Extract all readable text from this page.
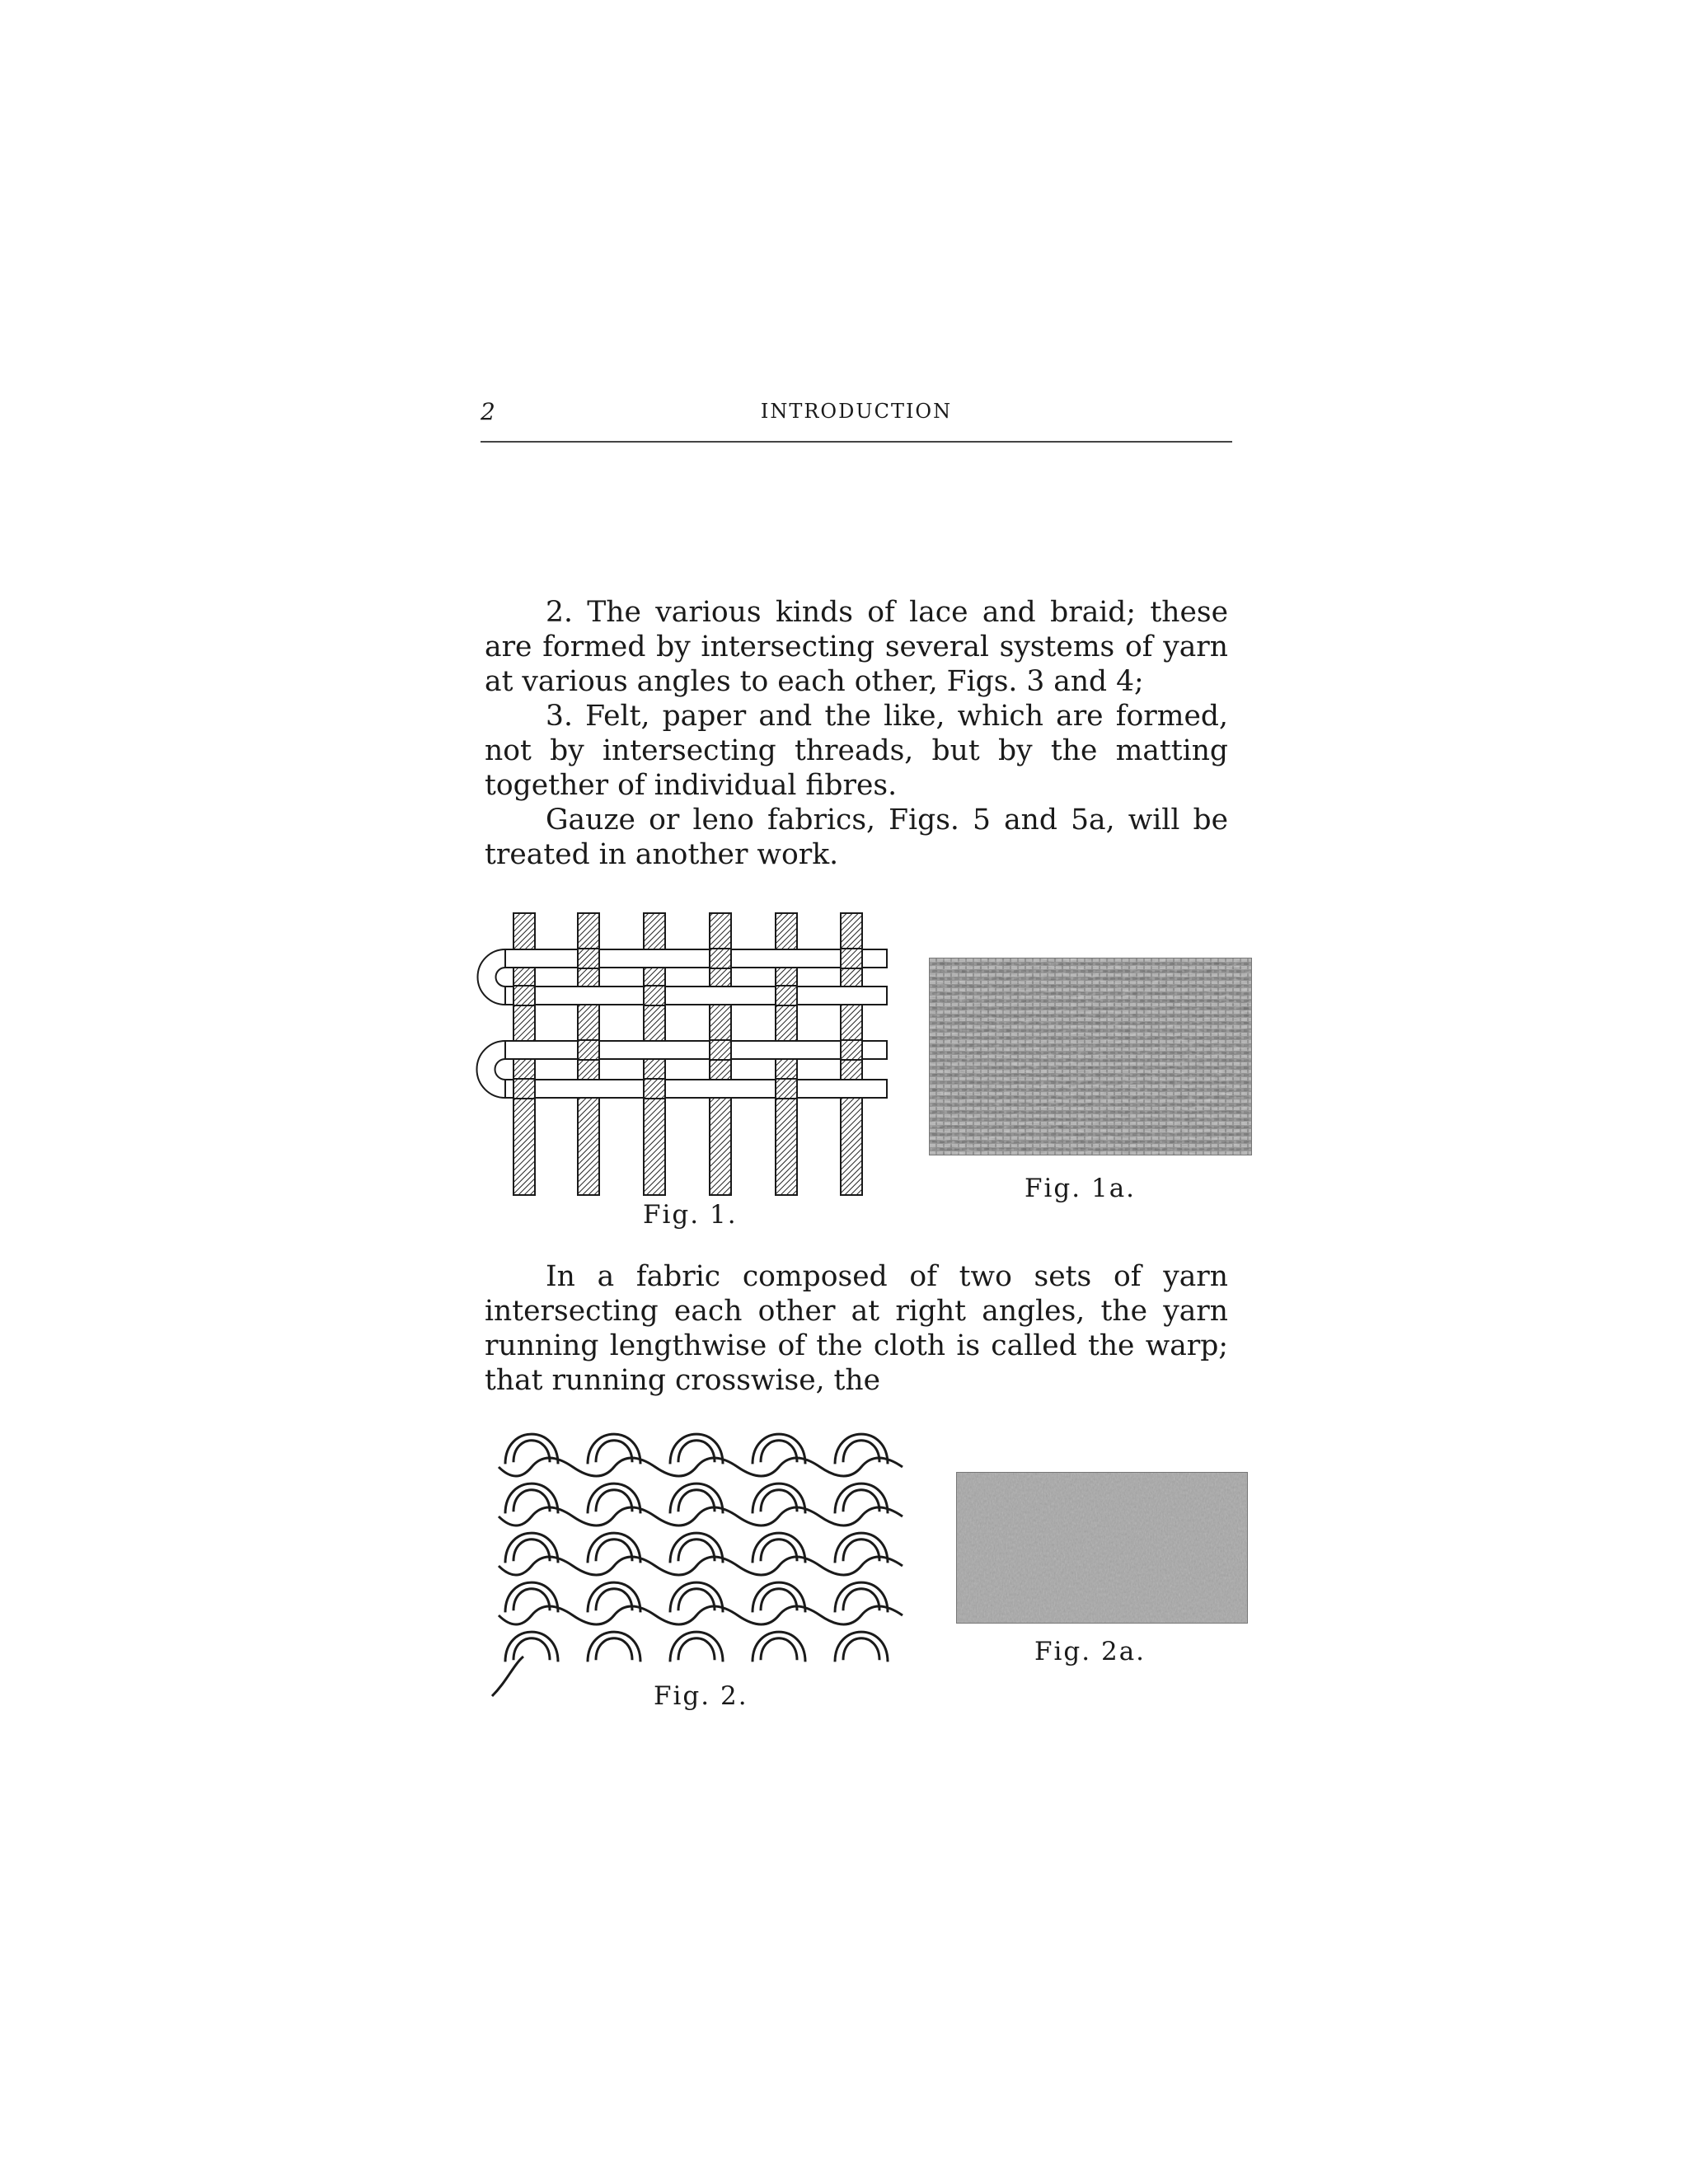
2	INTRODUCTION

2. The various kinds of lace and braid; these are formed by intersecting several systems of yarn at various angles to each other, Figs. 3 and 4;

3. Felt, paper and the like, which are formed, not by intersecting threads, but by the matting together of individual fibres.

Gauze or leno fabrics, Figs. 5 and 5a, will be treated in another work.

Fig. 1.
Fig. 1a.

In a fabric composed of two sets of yarn intersecting each other at right angles, the yarn running lengthwise of the cloth is called the warp; that running crosswise, the

Fig. 2.
Fig. 2a.
